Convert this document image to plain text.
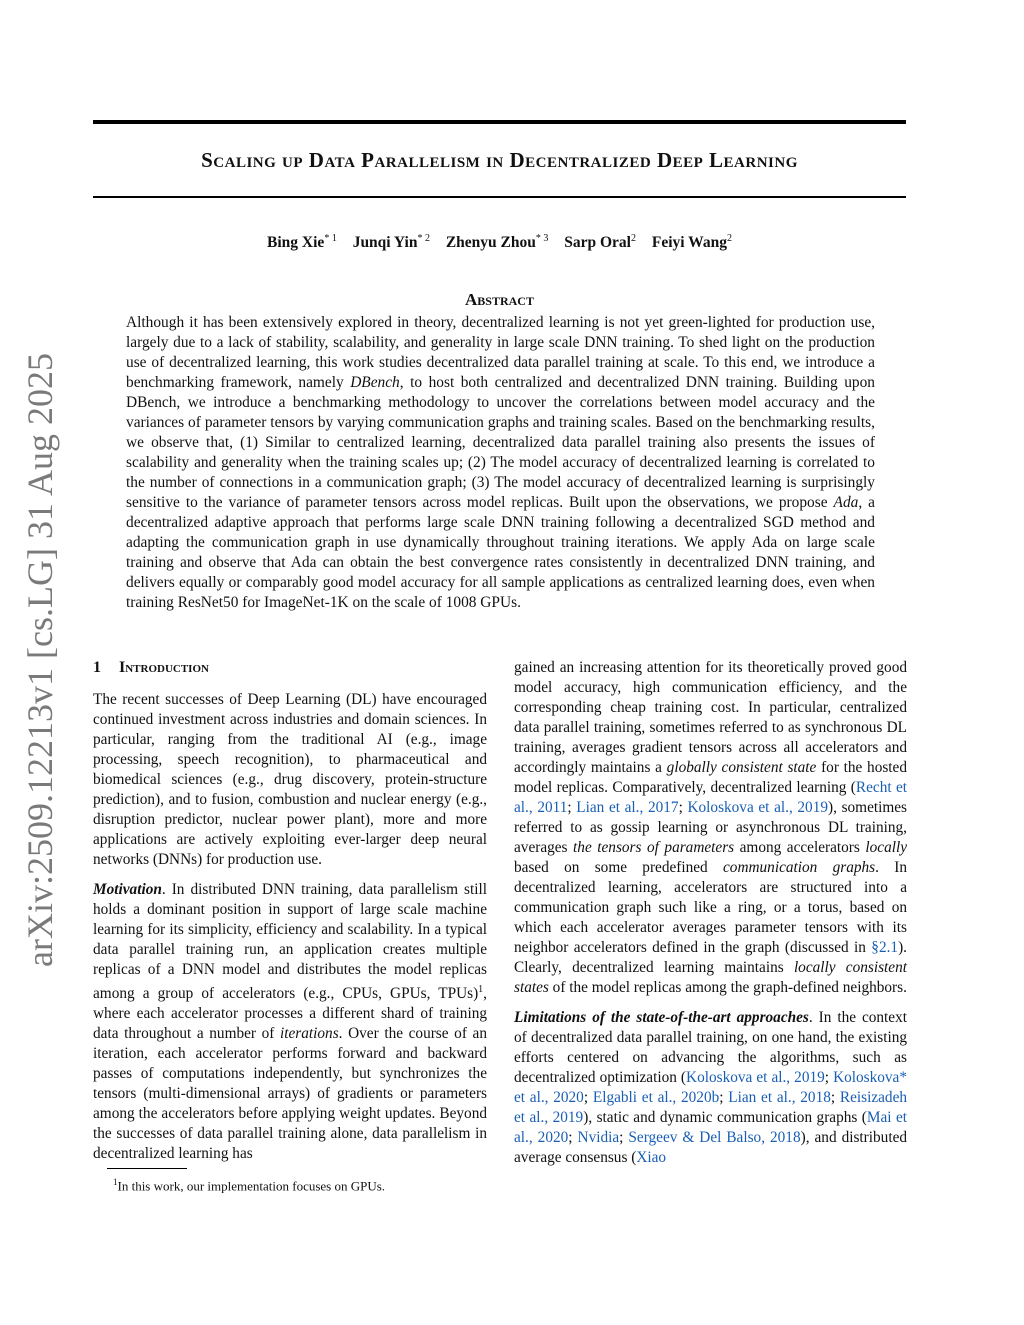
arXiv:2509.12213v1 [cs.LG] 31 Aug 2025
Scaling up Data Parallelism in Decentralized Deep Learning
Bing Xie$^{* 1}$ Junqi Yin$^{* 2}$ Zhenyu Zhou$^{* 3}$ Sarp Oral$^2$ Feiyi Wang$^2$
Abstract
Although it has been extensively explored in theory, decentralized learning is not yet green-lighted for production use, largely due to a lack of stability, scalability, and generality in large scale DNN training. To shed light on the production use of decentralized learning, this work studies decentralized data parallel training at scale. To this end, we introduce a benchmarking framework, namely DBench, to host both centralized and decentralized DNN training. Building upon DBench, we introduce a benchmarking methodology to uncover the correlations between model accuracy and the variances of parameter tensors by varying communication graphs and training scales. Based on the benchmarking results, we observe that, (1) Similar to centralized learning, decentralized data parallel training also presents the issues of scalability and generality when the training scales up; (2) The model accuracy of decentralized learning is correlated to the number of connections in a communication graph; (3) The model accuracy of decentralized learning is surprisingly sensitive to the variance of parameter tensors across model replicas. Built upon the observations, we propose Ada, a decentralized adaptive approach that performs large scale DNN training following a decentralized SGD method and adapting the communication graph in use dynamically throughout training iterations. We apply Ada on large scale training and observe that Ada can obtain the best convergence rates consistently in decentralized DNN training, and delivers equally or comparably good model accuracy for all sample applications as centralized learning does, even when training ResNet50 for ImageNet-1K on the scale of 1008 GPUs.
1 Introduction

The recent successes of Deep Learning (DL) have encouraged continued investment across industries and domain sciences. In particular, ranging from the traditional AI (e.g., image processing, speech recognition), to pharmaceutical and biomedical sciences (e.g., drug discovery, protein-structure prediction), and to fusion, combustion and nuclear energy (e.g., disruption predictor, nuclear power plant), more and more applications are actively exploiting ever-larger deep neural networks (DNNs) for production use.

Motivation. In distributed DNN training, data parallelism still holds a dominant position in support of large scale machine learning for its simplicity, efficiency and scalability. In a typical data parallel training run, an application creates multiple replicas of a DNN model and distributes the model replicas among a group of accelerators (e.g., CPUs, GPUs, TPUs)$^1$, where each accelerator processes a different shard of training data throughout a number of iterations. Over the course of an iteration, each accelerator performs forward and backward passes of computations independently, but synchronizes the tensors (multi-dimensional arrays) of gradients or parameters among the accelerators before applying weight updates. Beyond the successes of data parallel training alone, data parallelism in decentralized learning has

gained an increasing attention for its theoretically proved good model accuracy, high communication efficiency, and the corresponding cheap training cost. In particular, centralized data parallel training, sometimes referred to as synchronous DL training, averages gradient tensors across all accelerators and accordingly maintains a globally consistent state for the hosted model replicas. Comparatively, decentralized learning (Recht et al., 2011; Lian et al., 2017; Koloskova et al., 2019), sometimes referred to as gossip learning or asynchronous DL training, averages the tensors of parameters among accelerators locally based on some predefined communication graphs. In decentralized learning, accelerators are structured into a communication graph such like a ring, or a torus, based on which each accelerator averages parameter tensors with its neighbor accelerators defined in the graph (discussed in §2.1). Clearly, decentralized learning maintains locally consistent states of the model replicas among the graph-defined neighbors.

Limitations of the state-of-the-art approaches. In the context of decentralized data parallel training, on one hand, the existing efforts centered on advancing the algorithms, such as decentralized optimization (Koloskova et al., 2019; Koloskova* et al., 2020; Elgabli et al., 2020b; Lian et al., 2018; Reisizadeh et al., 2019), static and dynamic communication graphs (Mai et al., 2020; Nvidia; Sergeev & Del Balso, 2018), and distributed average consensus (Xiao

$^1$In this work, our implementation focuses on GPUs.
